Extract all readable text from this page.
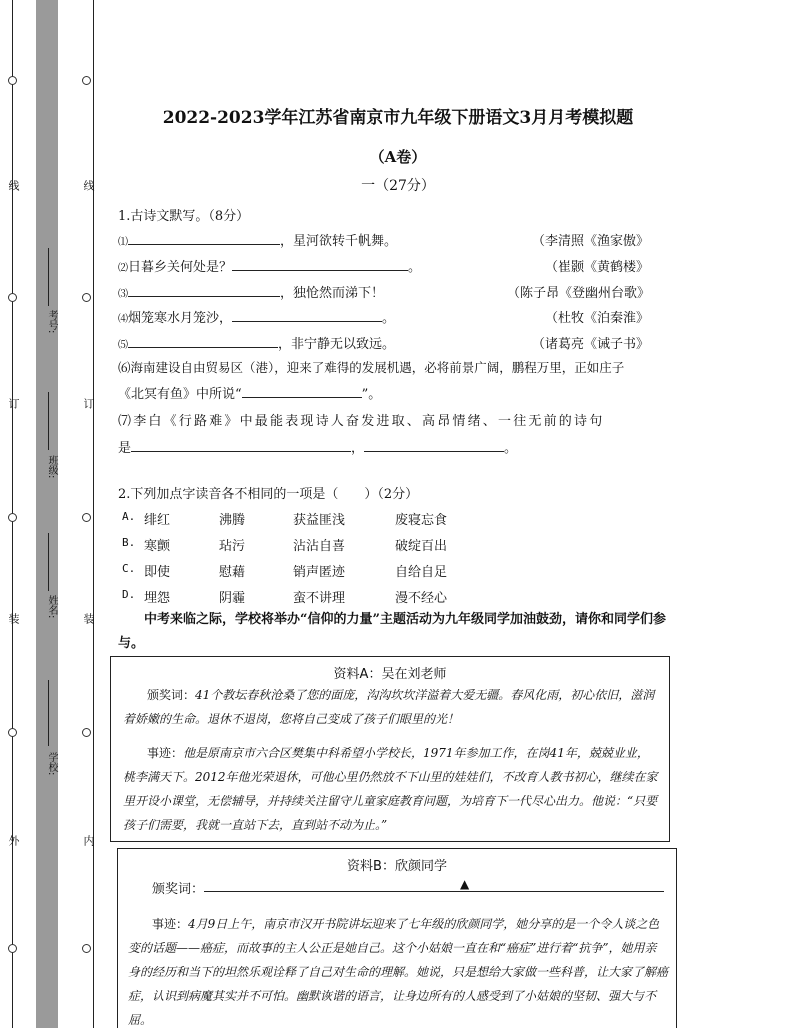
线
订
装
外
线
订
装
内
考号:
班级:
姓名:
学校:
2022-2023学年江苏省南京市九年级下册语文3月月考模拟题
（A卷）
一（27分）
1.古诗文默写。（8分）
⑴	，星河欲转千帆舞。	（李清照《渔家傲》
⑵日暮乡关何处是？	。	（崔颢《黄鹤楼》
⑶	，独怆然而涕下！	（陈子昂《登幽州台歌》
⑷烟笼寒水月笼沙，	。	（杜牧《泊秦淮》
⑸	，非宁静无以致远。	（诸葛亮《诫子书》
⑹海南建设自由贸易区（港），迎来了难得的发展机遇，必将前景广阔，鹏程万里，正如庄子
《北冥有鱼》中所说“	”。
⑺李白《行路难》中最能表现诗人奋发进取、高昂情绪、一往无前的诗句
是	，	。
2.下列加点字读音各不相同的一项是（　　）（2分）
A. 绯红	沸腾	获益匪浅	废寝忘食
B. 寒颤	玷污	沾沾自喜	破绽百出
C. 即使	慰藉	销声匿迹	自给自足
D. 埋怨	阴霾	蛮不讲理	漫不经心
中考来临之际，学校将举办“信仰的力量”主题活动为九年级同学加油鼓劲，请你和同学们参与。
资料A：吴在刘老师
颁奖词：41个教坛春秋沧桑了您的面庞，沟沟坎坎洋溢着大爱无疆。春风化雨，初心依旧，滋润着娇嫩的生命。退休不退岗，您将自己变成了孩子们眼里的光！
事迹：他是原南京市六合区樊集中科希望小学校长，1971年参加工作，在岗41年，兢兢业业，桃李满天下。2012年他光荣退休，可他心里仍然放不下山里的娃娃们，不改育人教书初心，继续在家里开设小课堂，无偿辅导，并持续关注留守儿童家庭教育问题，为培育下一代尽心出力。他说：“只要孩子们需要，我就一直站下去，直到站不动为止。”
资料B：欣颜同学
颁奖词：	▲
事迹：4月9日上午，南京市汉开书院讲坛迎来了七年级的欣颜同学，她分享的是一个令人谈之色变的话题——癌症，而故事的主人公正是她自己。这个小姑娘一直在和“癌症”进行着“抗争”，她用亲身的经历和当下的坦然乐观诠释了自己对生命的理解。她说，只是想给大家做一些科普，让大家了解癌症，认识到病魔其实并不可怕。幽默诙谐的语言，让身边所有的人感受到了小姑娘的坚韧、强大与不屈。
